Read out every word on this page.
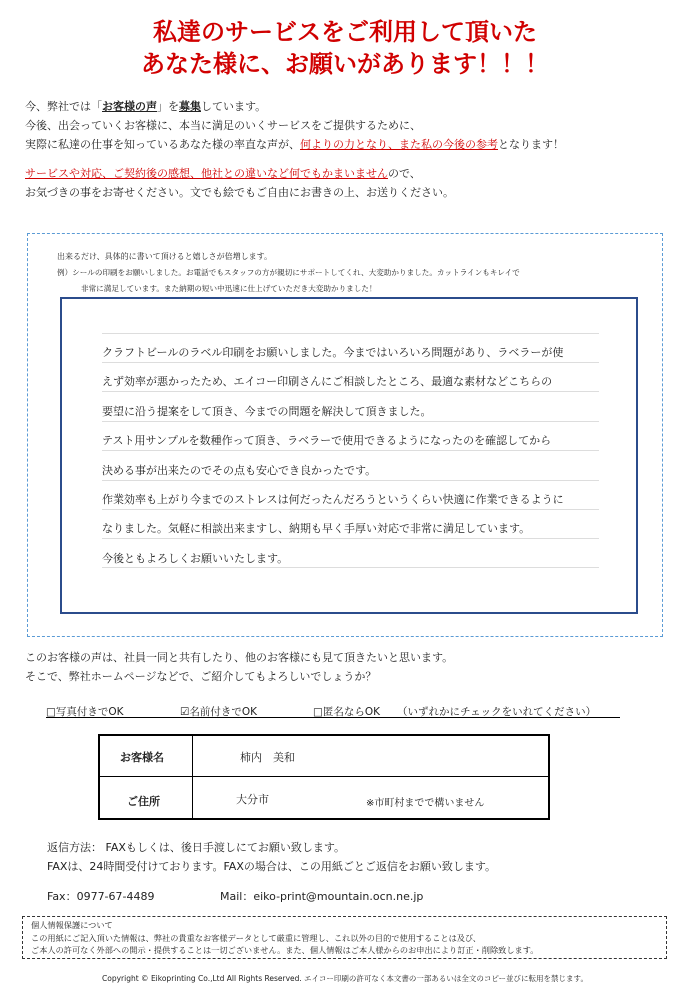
私達のサービスをご利用して頂いた
あなた様に、お願いがあります！！！
今、弊社では「お客様の声」を募集しています。
今後、出会っていくお客様に、本当に満足のいくサービスをご提供するために、
実際に私達の仕事を知っているあなた様の率直な声が、何よりの力となり、また私の今後の参考となります！
サービスや対応、ご契約後の感想、他社との違いなど何でもかまいませんので、
お気づきの事をお寄せください。文でも絵でもご自由にお書きの上、お送りください。
出来るだけ、具体的に書いて頂けると嬉しさが倍増します。
例）シールの印刷をお願いしました。お電話でもスタッフの方が親切にサポートしてくれ、大変助かりました。カットラインもキレイで
非常に満足しています。また納期の短い中迅速に仕上げていただき大変助かりました！
クラフトビールのラベル印刷をお願いしました。今まではいろいろ問題があり、ラベラーが使
えず効率が悪かったため、エイコー印刷さんにご相談したところ、最適な素材などこちらの
要望に沿う提案をして頂き、今までの問題を解決して頂きました。
テスト用サンプルを数種作って頂き、ラベラーで使用できるようになったのを確認してから
決める事が出来たのでその点も安心でき良かったです。
作業効率も上がり今までのストレスは何だったんだろうというくらい快適に作業できるように
なりました。気軽に相談出来ますし、納期も早く手厚い対応で非常に満足しています。
今後ともよろしくお願いいたします。
このお客様の声は、社員一同と共有したり、他のお客様にも見て頂きたいと思います。
そこで、弊社ホームページなどで、ご紹介してもよろしいでしょうか？
□写真付きでOK	☑名前付きでOK	□匿名ならOK （いずれかにチェックをいれてください）
お客様名	柿内　美和
ご住所	大分市	※市町村までで構いません
返信方法： FAXもしくは、後日手渡しにてお願い致します。
FAXは、24時間受付けております。FAXの場合は、この用紙ごとご返信をお願い致します。
Fax：0977-67-4489	Mail：eiko-print@mountain.ocn.ne.jp
個人情報保護について
この用紙にご記入頂いた情報は、弊社の貴重なお客様データとして厳重に管理し、これ以外の目的で使用することは及び、
ご本人の許可なく外部への開示・提供することは一切ございません。また、個人情報はご本人様からのお申出により訂正・削除致します。
Copyright © Eikoprinting Co.,Ltd All Rights Reserved. エイコー印刷の許可なく本文書の一部あるいは全文のコピー並びに転用を禁じます。
